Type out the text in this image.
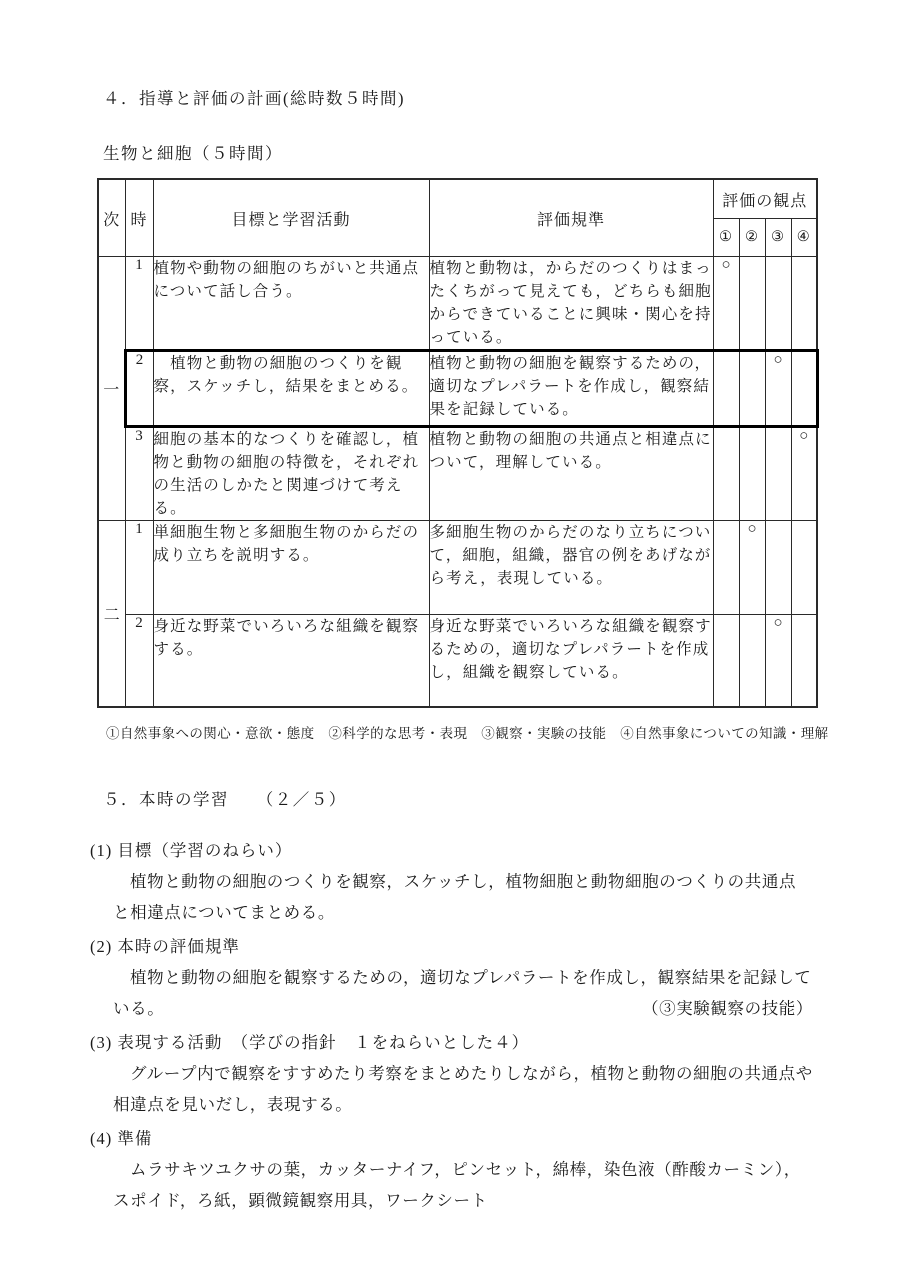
４．指導と評価の計画(総時数５時間)
生物と細胞（５時間）
次	時	目標と学習活動	評価規準	評価の観点			
				①	②	③	④
一	1	植物や動物の細胞のちがいと共通点について話し合う。	植物と動物は，からだのつくりはまったくちがって見えても，どちらも細胞からできていることに興味・関心を持っている。	○			
	2	　植物と動物の細胞のつくりを観察，スケッチし，結果をまとめる。	植物と動物の細胞を観察するための，適切なプレパラートを作成し，観察結果を記録している。			○	
	3	細胞の基本的なつくりを確認し，植物と動物の細胞の特徴を，それぞれの生活のしかたと関連づけて考える。	植物と動物の細胞の共通点と相違点について，理解している。				○
二	1	単細胞生物と多細胞生物のからだの成り立ちを説明する。	多細胞生物のからだのなり立ちについて，細胞，組織，器官の例をあげながら考え，表現している。		○		
	2	身近な野菜でいろいろな組織を観察する。	身近な野菜でいろいろな組織を観察するための，適切なプレパラートを作成し，組織を観察している。			○	
①自然事象への関心・意欲・態度　②科学的な思考・表現　③観察・実験の技能　④自然事象についての知識・理解
５．本時の学習　　（２／５）
(1) 目標（学習のねらい）
植物と動物の細胞のつくりを観察，スケッチし，植物細胞と動物細胞のつくりの共通点と相違点についてまとめる。
(2) 本時の評価規準
植物と動物の細胞を観察するための，適切なプレパラートを作成し，観察結果を記録している。	（③実験観察の技能）
(3) 表現する活動　（学びの指針　１をねらいとした４）
グループ内で観察をすすめたり考察をまとめたりしながら，植物と動物の細胞の共通点や相違点を見いだし，表現する。
(4) 準備
ムラサキツユクサの葉，カッターナイフ，ピンセット，綿棒，染色液（酢酸カーミン），スポイド，ろ紙，顕微鏡観察用具，ワークシート
